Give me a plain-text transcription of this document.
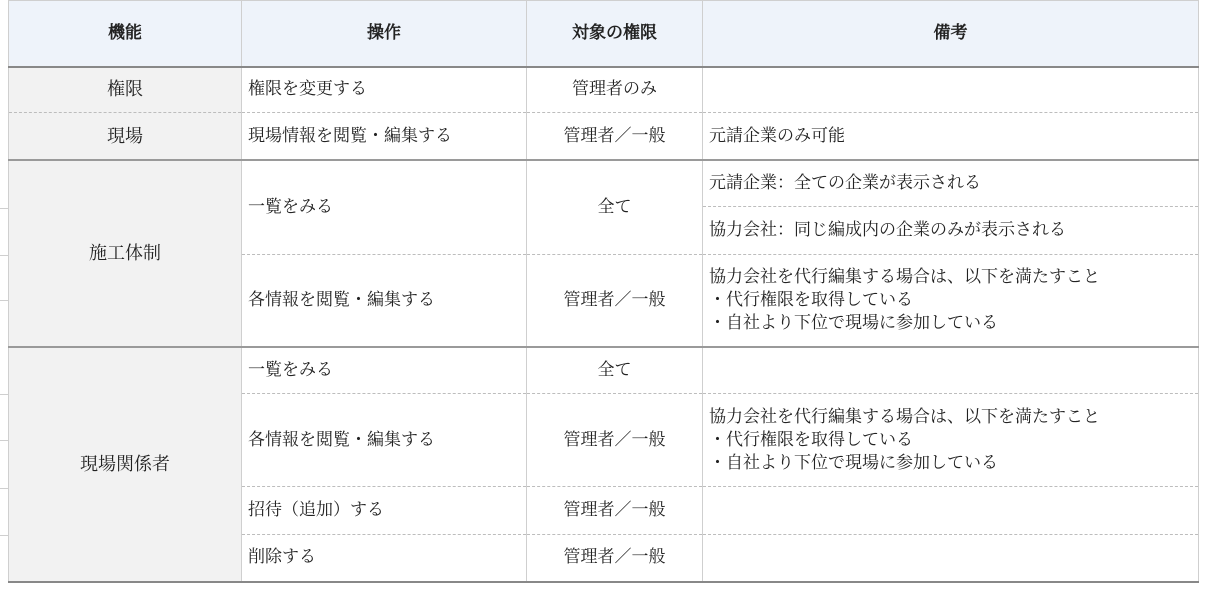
機能	操作	対象の権限	備考
権限	権限を変更する	管理者のみ	
現場	現場情報を閲覧・編集する	管理者／一般	元請企業のみ可能
施工体制	一覧をみる	全て	元請企業：全ての企業が表示される
			協力会社：同じ編成内の企業のみが表示される
	各情報を閲覧・編集する	管理者／一般	協力会社を代行編集する場合は、以下を満たすこと
・代行権限を取得している
・自社より下位で現場に参加している

現場関係者	一覧をみる	全て	
	各情報を閲覧・編集する	管理者／一般	協力会社を代行編集する場合は、以下を満たすこと
・代行権限を取得している
・自社より下位で現場に参加している

	招待（追加）する	管理者／一般	
	削除する	管理者／一般	
